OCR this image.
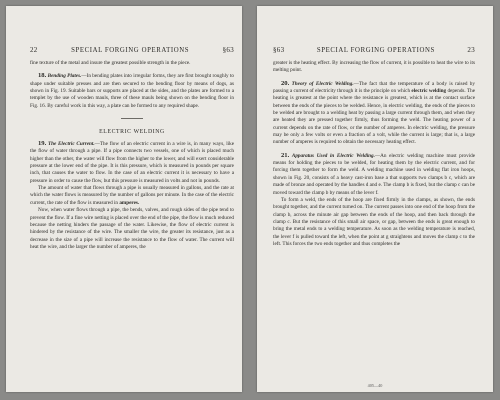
22	SPECIAL FORGING OPERATIONS	§63

fine texture of the metal and insure the greatest possible strength in the piece.

18. Bending Plates.—In bending plates into irregular forms, they are first brought roughly to shape under suitable presses and are then secured to the bending floor by means of dogs, as shown in Fig. 19. Suitable bars or supports are placed at the sides, and the plates are formed to a templet by the use of wooden mauls, three of these mauls being shown on the bending floor in Fig. 16. By careful work in this way, a plate can be formed to any required shape.

ELECTRIC WELDING

19. The Electric Current.—The flow of an electric current in a wire is, in many ways, like the flow of water through a pipe. If a pipe connects two vessels, one of which is placed much higher than the other, the water will flow from the higher to the lower, and will exert considerable pressure at the lower end of the pipe. It is this pressure, which is measured in pounds per square inch, that causes the water to flow. In the case of an electric current it is necessary to have a pressure in order to cause the flow, but this pressure is measured in volts and not in pounds.

The amount of water that flows through a pipe is usually measured in gallons, and the rate at which the water flows is measured by the number of gallons per minute. In the case of the electric current, the rate of the flow is measured in amperes.

Now, when water flows through a pipe, the bends, valves, and rough sides of the pipe tend to prevent the flow. If a fine wire netting is placed over the end of the pipe, the flow is much reduced because the netting hinders the passage of the water. Likewise, the flow of electric current is hindered by the resistance of the wire. The smaller the wire, the greater its resistance, just as a decrease in the size of a pipe will increase the resistance to the flow of water. The current will heat the wire, and the larger the number of amperes, the

§63	SPECIAL FORGING OPERATIONS	23

greater is the heating effect. By increasing the flow of current, it is possible to heat the wire to its melting point.

20. Theory of Electric Welding.—The fact that the temperature of a body is raised by passing a current of electricity through it is the principle on which electric welding depends. The heating is greatest at the point where the resistance is greatest, which is at the contact surface between the ends of the pieces to be welded. Hence, in electric welding, the ends of the pieces to be welded are brought to a welding heat by passing a large current through them, and when they are heated they are pressed together firmly, thus forming the weld. The heating power of a current depends on the rate of flow, or the number of amperes. In electric welding, the pressure may be only a few volts or even a fraction of a volt, while the current is large; that is, a large number of amperes is required to obtain the necessary heating effect.

21. Apparatus Used in Electric Welding.—An electric welding machine must provide means for holding the pieces to be welded, for heating them by the electric current, and for forcing them together to form the weld. A welding machine used in welding flat iron hoops, shown in Fig. 20, consists of a heavy cast-iron base a that supports two clamps b c, which are made of bronze and operated by the handles d and e. The clamp b is fixed, but the clamp c can be moved toward the clamp b by means of the lever f.

To form a weld, the ends of the hoop are fixed firmly in the clamps, as shown, the ends brought together, and the current turned on. The current passes into one end of the hoop from the clamp b, across the minute air gap between the ends of the hoop, and then back through the clamp c. But the resistance of this small air space, or gap, between the ends is great enough to bring the metal ends to a welding temperature. As soon as the welding temperature is reached, the lever f is pulled toward the left, when the point at g straightens and moves the clamp c to the left. This forces the two ends together and thus completes the

405—40
